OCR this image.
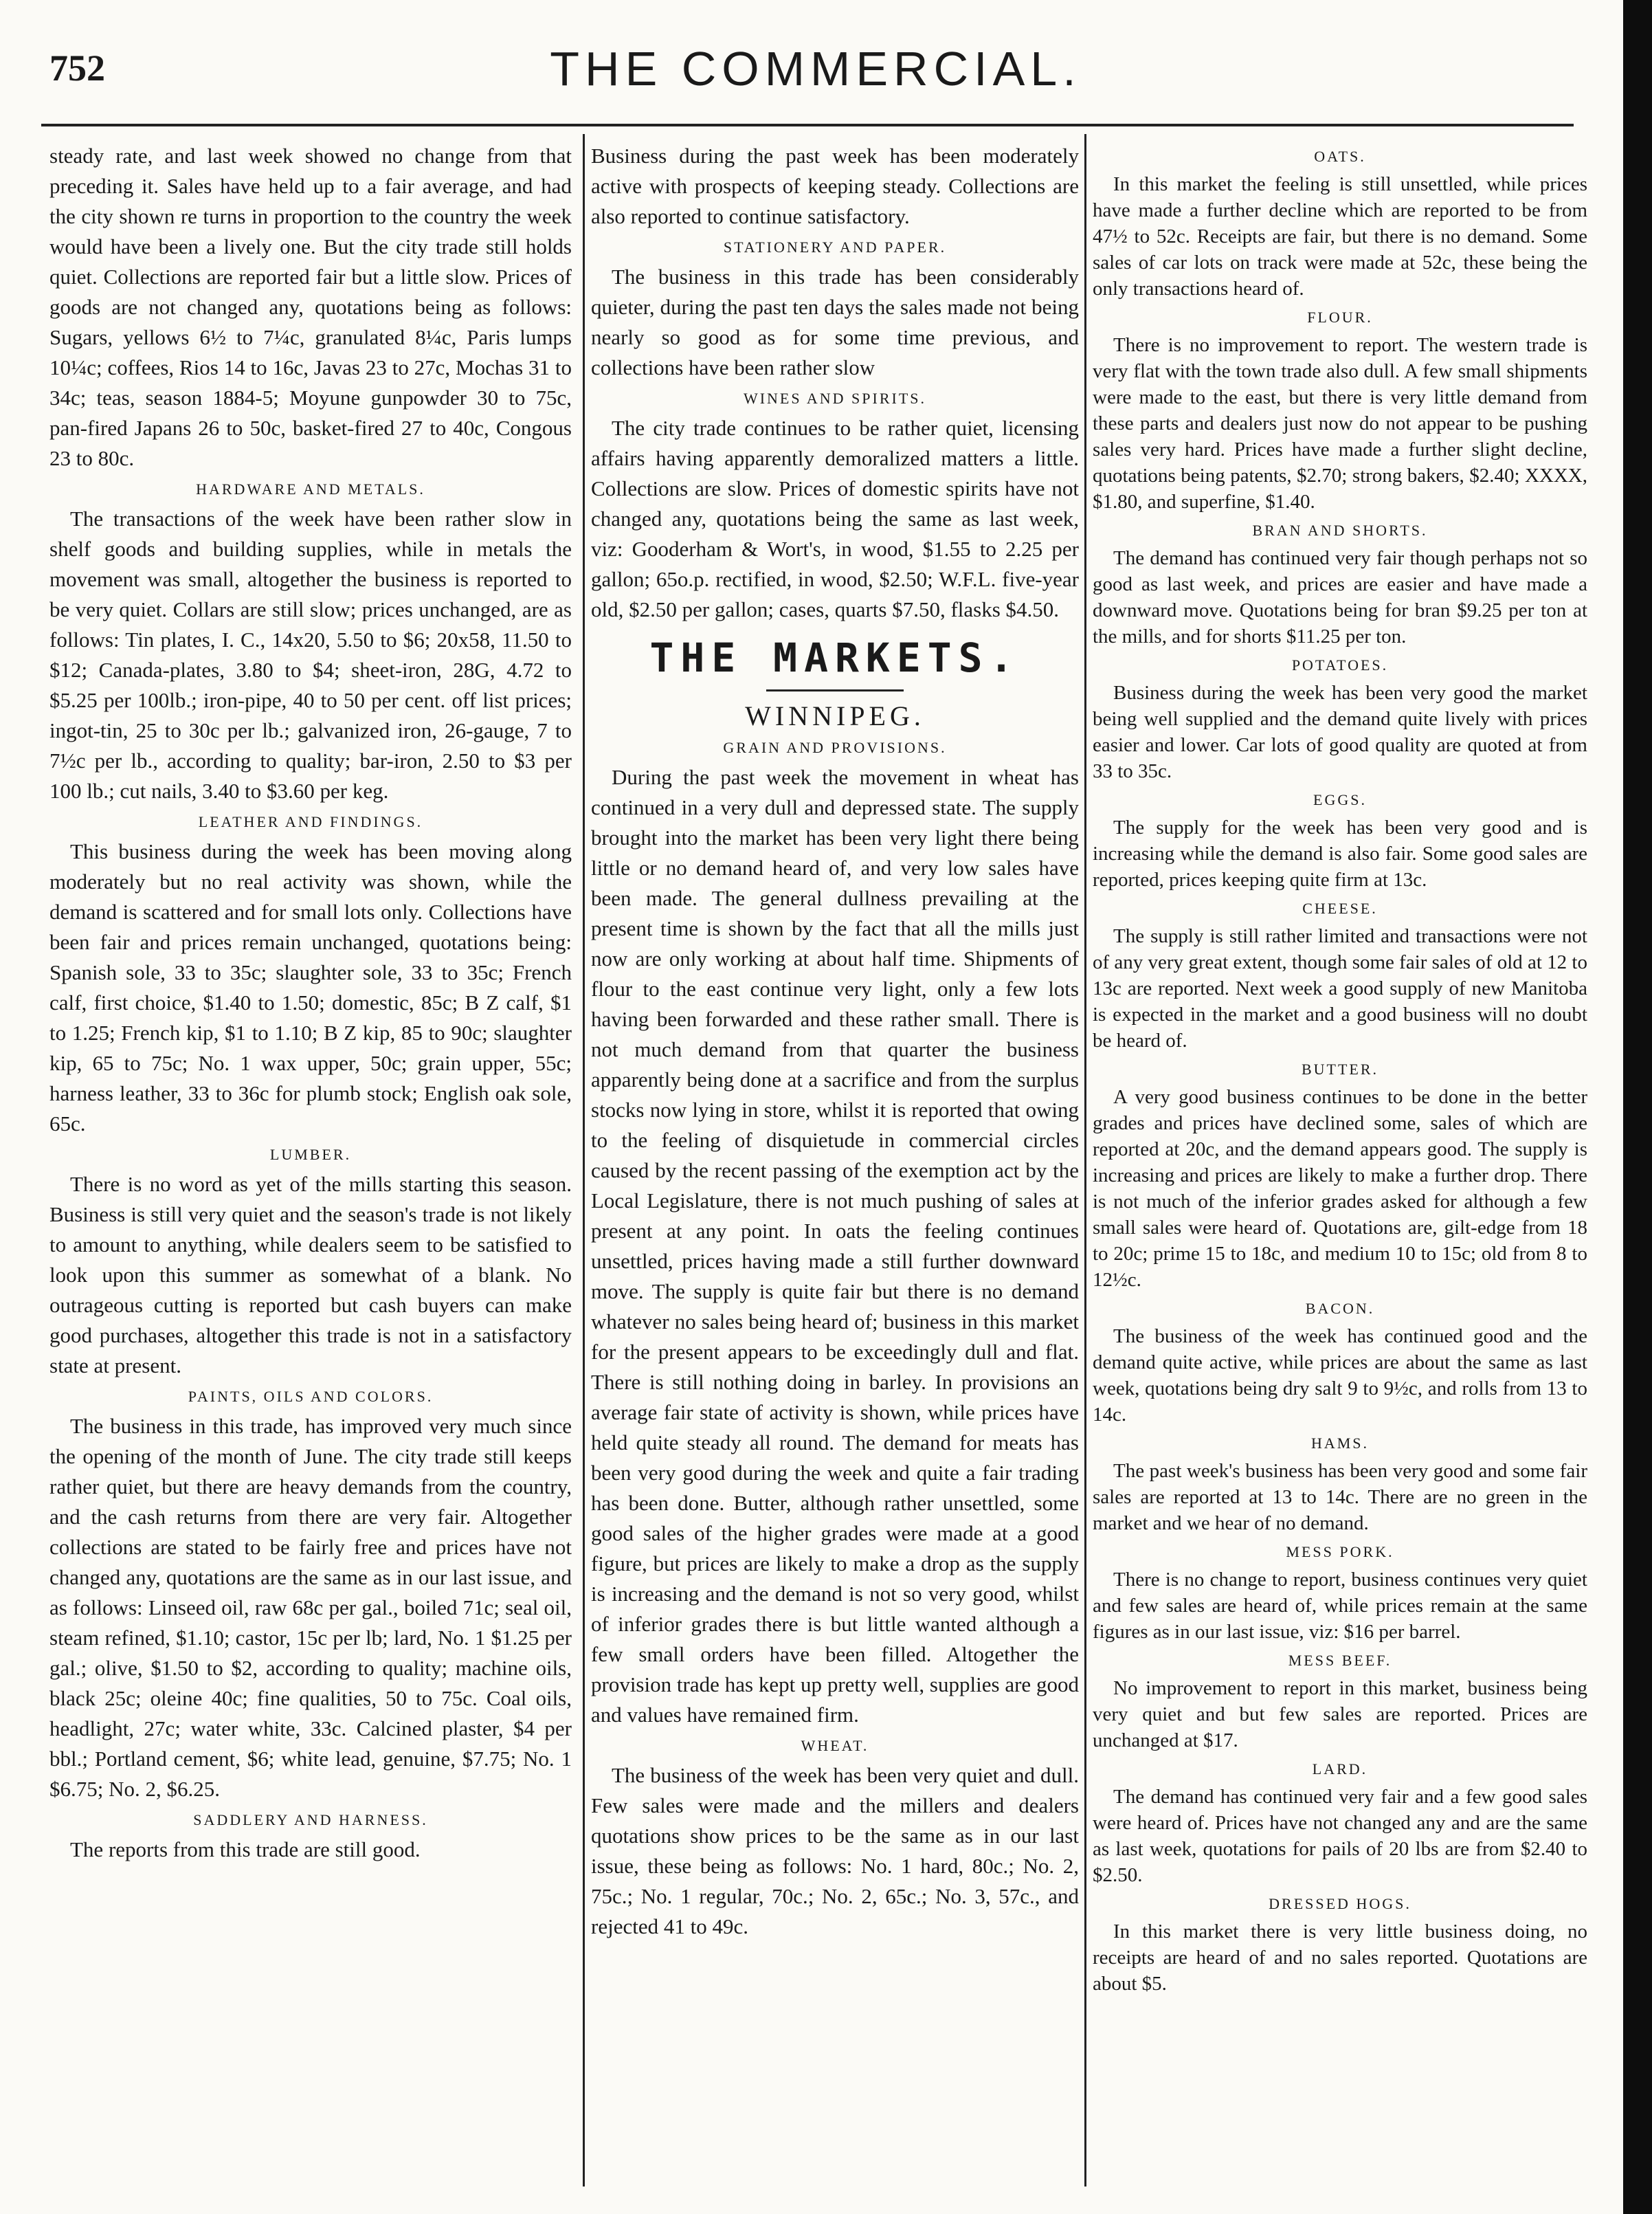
752	THE COMMERCIAL.

steady rate, and last week showed no change from that preceding it. Sales have held up to a fair average, and had the city shown re turns in proportion to the country the week would have been a lively one. But the city trade still holds quiet. Collections are reported fair but a little slow. Prices of goods are not changed any, quotations being as follows: Sugars, yellows 6½ to 7¼c, granulated 8¼c, Paris lumps 10¼c; coffees, Rios 14 to 16c, Javas 23 to 27c, Mochas 31 to 34c; teas, season 1884-5; Moyune gunpowder 30 to 75c, pan-fired Japans 26 to 50c, basket-fired 27 to 40c, Congous 23 to 80c.

HARDWARE AND METALS.

The transactions of the week have been rather slow in shelf goods and building supplies, while in metals the movement was small, altogether the business is reported to be very quiet. Collars are still slow; prices unchanged, are as follows: Tin plates, I. C., 14x20, 5.50 to $6; 20x58, 11.50 to $12; Canada-plates, 3.80 to $4; sheet-iron, 28G, 4.72 to $5.25 per 100lb.; iron-pipe, 40 to 50 per cent. off list prices; ingot-tin, 25 to 30c per lb.; galvanized iron, 26-gauge, 7 to 7½c per lb., according to quality; bar-iron, 2.50 to $3 per 100 lb.; cut nails, 3.40 to $3.60 per keg.

LEATHER AND FINDINGS.

This business during the week has been moving along moderately but no real activity was shown, while the demand is scattered and for small lots only. Collections have been fair and prices remain unchanged, quotations being: Spanish sole, 33 to 35c; slaughter sole, 33 to 35c; French calf, first choice, $1.40 to 1.50; domestic, 85c; B Z calf, $1 to 1.25; French kip, $1 to 1.10; B Z kip, 85 to 90c; slaughter kip, 65 to 75c; No. 1 wax upper, 50c; grain upper, 55c; harness leather, 33 to 36c for plumb stock; English oak sole, 65c.

LUMBER.

There is no word as yet of the mills starting this season. Business is still very quiet and the season's trade is not likely to amount to anything, while dealers seem to be satisfied to look upon this summer as somewhat of a blank. No outrageous cutting is reported but cash buyers can make good purchases, altogether this trade is not in a satisfactory state at present.

PAINTS, OILS AND COLORS.

The business in this trade, has improved very much since the opening of the month of June. The city trade still keeps rather quiet, but there are heavy demands from the country, and the cash returns from there are very fair. Altogether collections are stated to be fairly free and prices have not changed any, quotations are the same as in our last issue, and as follows: Linseed oil, raw 68c per gal., boiled 71c; seal oil, steam refined, $1.10; castor, 15c per lb; lard, No. 1 $1.25 per gal.; olive, $1.50 to $2, according to quality; machine oils, black 25c; oleine 40c; fine qualities, 50 to 75c. Coal oils, headlight, 27c; water white, 33c. Calcined plaster, $4 per bbl.; Portland cement, $6; white lead, genuine, $7.75; No. 1 $6.75; No. 2, $6.25.

SADDLERY AND HARNESS.

The reports from this trade are still good.

Business during the past week has been moderately active with prospects of keeping steady. Collections are also reported to continue satisfactory.

STATIONERY AND PAPER.

The business in this trade has been considerably quieter, during the past ten days the sales made not being nearly so good as for some time previous, and collections have been rather slow

WINES AND SPIRITS.

The city trade continues to be rather quiet, licensing affairs having apparently demoralized matters a little. Collections are slow. Prices of domestic spirits have not changed any, quotations being the same as last week, viz: Gooderham & Wort's, in wood, $1.55 to 2.25 per gallon; 65o.p. rectified, in wood, $2.50; W.F.L. five-year old, $2.50 per gallon; cases, quarts $7.50, flasks $4.50.

THE MARKETS.
WINNIPEG.
GRAIN AND PROVISIONS.

During the past week the movement in wheat has continued in a very dull and depressed state. The supply brought into the market has been very light there being little or no demand heard of, and very low sales have been made. The general dullness prevailing at the present time is shown by the fact that all the mills just now are only working at about half time. Shipments of flour to the east continue very light, only a few lots having been forwarded and these rather small. There is not much demand from that quarter the business apparently being done at a sacrifice and from the surplus stocks now lying in store, whilst it is reported that owing to the feeling of disquietude in commercial circles caused by the recent passing of the exemption act by the Local Legislature, there is not much pushing of sales at present at any point. In oats the feeling continues unsettled, prices having made a still further downward move. The supply is quite fair but there is no demand whatever no sales being heard of; business in this market for the present appears to be exceedingly dull and flat. There is still nothing doing in barley. In provisions an average fair state of activity is shown, while prices have held quite steady all round. The demand for meats has been very good during the week and quite a fair trading has been done. Butter, although rather unsettled, some good sales of the higher grades were made at a good figure, but prices are likely to make a drop as the supply is increasing and the demand is not so very good, whilst of inferior grades there is but little wanted although a few small orders have been filled. Altogether the provision trade has kept up pretty well, supplies are good and values have remained firm.

WHEAT.

The business of the week has been very quiet and dull. Few sales were made and the millers and dealers quotations show prices to be the same as in our last issue, these being as follows: No. 1 hard, 80c.; No. 2, 75c.; No. 1 regular, 70c.; No. 2, 65c.; No. 3, 57c., and rejected 41 to 49c.

OATS.

In this market the feeling is still unsettled, while prices have made a further decline which are reported to be from 47½ to 52c. Receipts are fair, but there is no demand. Some sales of car lots on track were made at 52c, these being the only transactions heard of.

FLOUR.

There is no improvement to report. The western trade is very flat with the town trade also dull. A few small shipments were made to the east, but there is very little demand from these parts and dealers just now do not appear to be pushing sales very hard. Prices have made a further slight decline, quotations being patents, $2.70; strong bakers, $2.40; XXXX, $1.80, and superfine, $1.40.

BRAN AND SHORTS.

The demand has continued very fair though perhaps not so good as last week, and prices are easier and have made a downward move. Quotations being for bran $9.25 per ton at the mills, and for shorts $11.25 per ton.

POTATOES.

Business during the week has been very good the market being well supplied and the demand quite lively with prices easier and lower. Car lots of good quality are quoted at from 33 to 35c.

EGGS.

The supply for the week has been very good and is increasing while the demand is also fair. Some good sales are reported, prices keeping quite firm at 13c.

CHEESE.

The supply is still rather limited and transactions were not of any very great extent, though some fair sales of old at 12 to 13c are reported. Next week a good supply of new Manitoba is expected in the market and a good business will no doubt be heard of.

BUTTER.

A very good business continues to be done in the better grades and prices have declined some, sales of which are reported at 20c, and the demand appears good. The supply is increasing and prices are likely to make a further drop. There is not much of the inferior grades asked for although a few small sales were heard of. Quotations are, gilt-edge from 18 to 20c; prime 15 to 18c, and medium 10 to 15c; old from 8 to 12½c.

BACON.

The business of the week has continued good and the demand quite active, while prices are about the same as last week, quotations being dry salt 9 to 9½c, and rolls from 13 to 14c.

HAMS.

The past week's business has been very good and some fair sales are reported at 13 to 14c. There are no green in the market and we hear of no demand.

MESS PORK.

There is no change to report, business continues very quiet and few sales are heard of, while prices remain at the same figures as in our last issue, viz: $16 per barrel.

MESS BEEF.

No improvement to report in this market, business being very quiet and but few sales are reported. Prices are unchanged at $17.

LARD.

The demand has continued very fair and a few good sales were heard of. Prices have not changed any and are the same as last week, quotations for pails of 20 lbs are from $2.40 to $2.50.

DRESSED HOGS.

In this market there is very little business doing, no receipts are heard of and no sales reported. Quotations are about $5.
